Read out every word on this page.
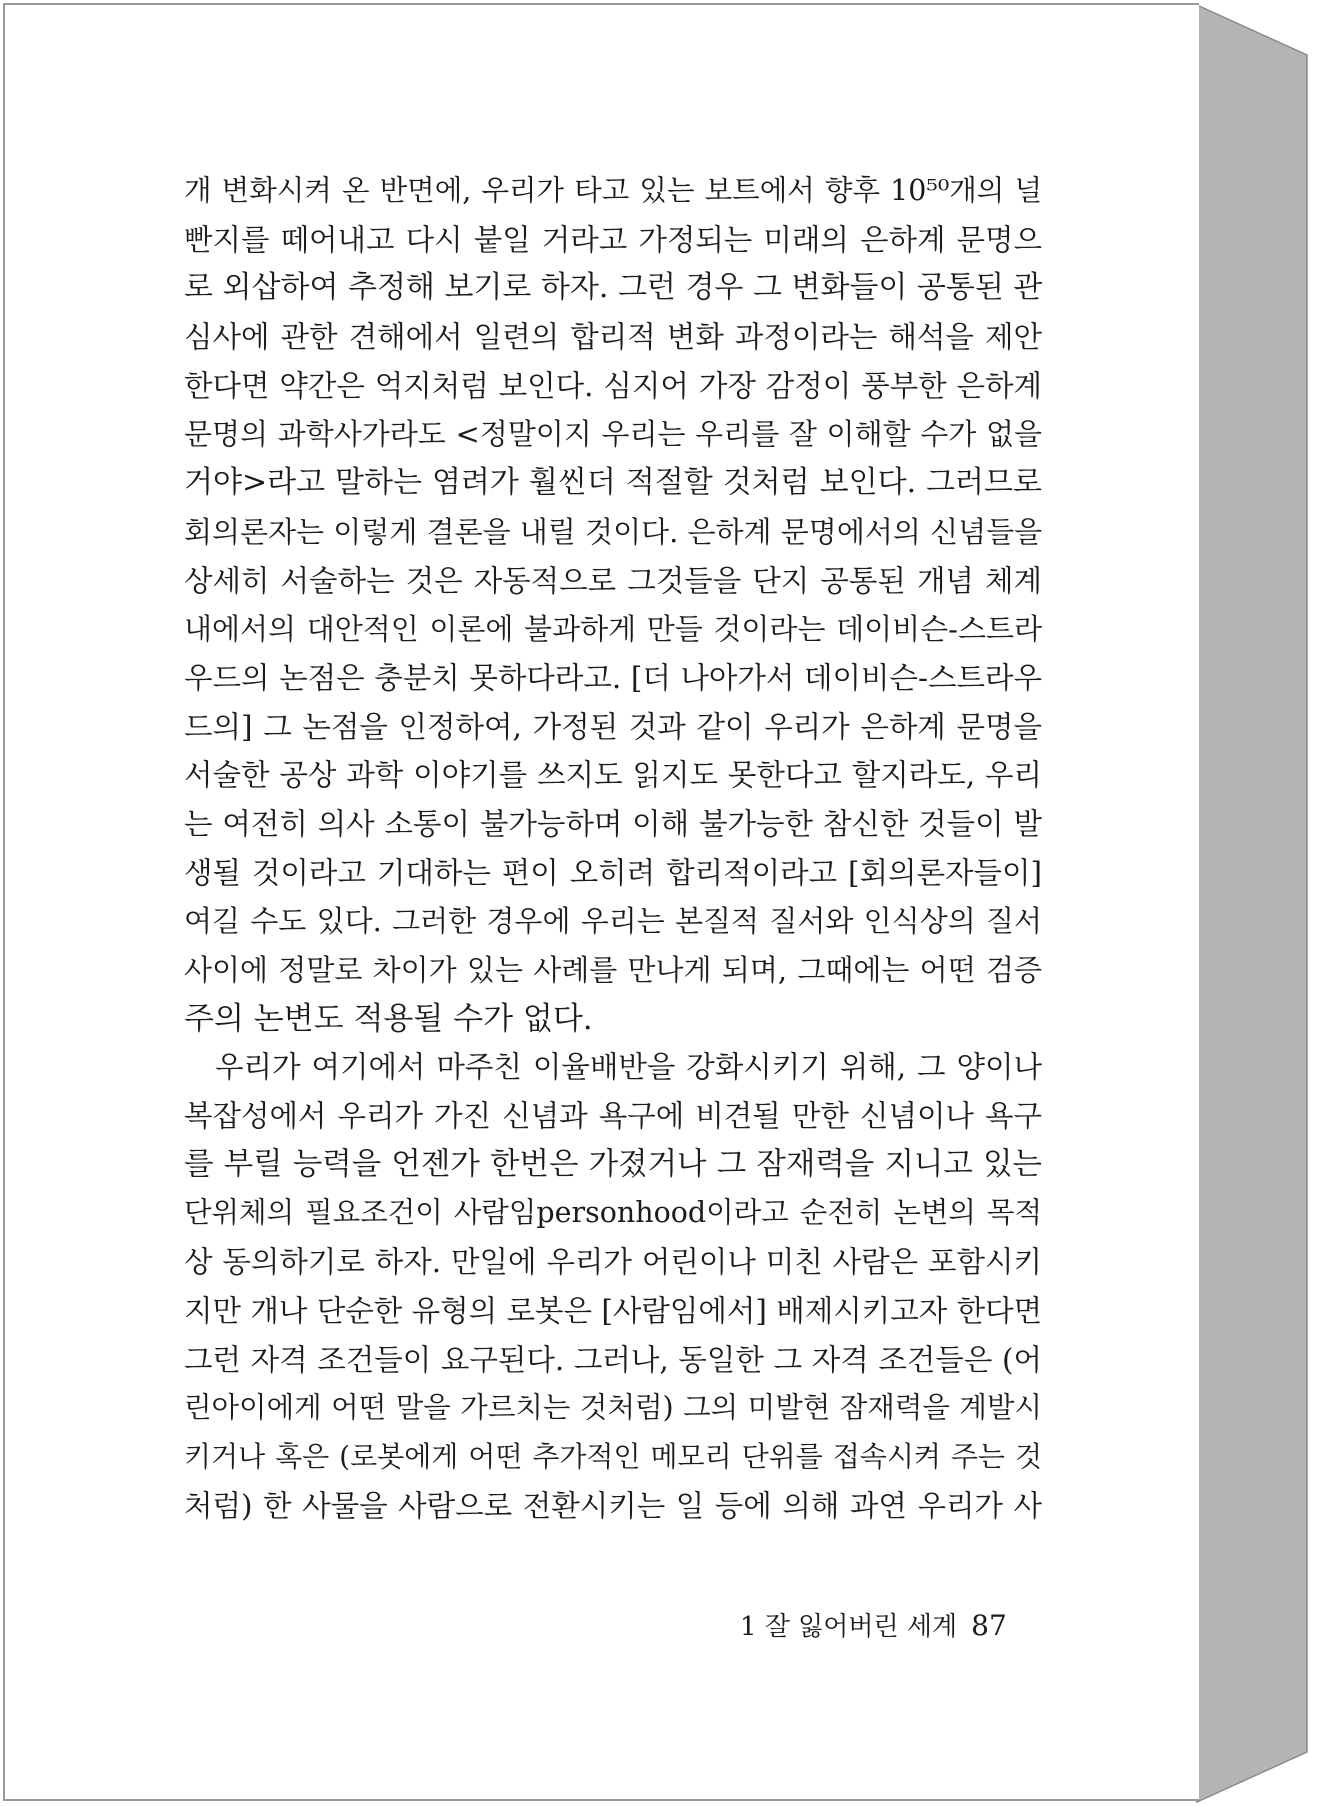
개 변화시켜 온 반면에, 우리가 타고 있는 보트에서 향후 10⁵⁰개의 널
빤지를 떼어내고 다시 붙일 거라고 가정되는 미래의 은하계 문명으
로 외삽하여 추정해 보기로 하자. 그런 경우 그 변화들이 공통된 관
심사에 관한 견해에서 일련의 합리적 변화 과정이라는 해석을 제안
한다면 약간은 억지처럼 보인다. 심지어 가장 감정이 풍부한 은하계
문명의 과학사가라도 <정말이지 우리는 우리를 잘 이해할 수가 없을
거야>라고 말하는 염려가 훨씬더 적절할 것처럼 보인다. 그러므로
회의론자는 이렇게 결론을 내릴 것이다. 은하계 문명에서의 신념들을
상세히 서술하는 것은 자동적으로 그것들을 단지 공통된 개념 체계
내에서의 대안적인 이론에 불과하게 만들 것이라는 데이비슨-스트라
우드의 논점은 충분치 못하다라고. [더 나아가서 데이비슨-스트라우
드의] 그 논점을 인정하여, 가정된 것과 같이 우리가 은하계 문명을
서술한 공상 과학 이야기를 쓰지도 읽지도 못한다고 할지라도, 우리
는 여전히 의사 소통이 불가능하며 이해 불가능한 참신한 것들이 발
생될 것이라고 기대하는 편이 오히려 합리적이라고 [회의론자들이]
여길 수도 있다. 그러한 경우에 우리는 본질적 질서와 인식상의 질서
사이에 정말로 차이가 있는 사례를 만나게 되며, 그때에는 어떤 검증
주의 논변도 적용될 수가 없다.
우리가 여기에서 마주친 이율배반을 강화시키기 위해, 그 양이나
복잡성에서 우리가 가진 신념과 욕구에 비견될 만한 신념이나 욕구
를 부릴 능력을 언젠가 한번은 가졌거나 그 잠재력을 지니고 있는
단위체의 필요조건이 사람임personhood이라고 순전히 논변의 목적
상 동의하기로 하자. 만일에 우리가 어린이나 미친 사람은 포함시키
지만 개나 단순한 유형의 로봇은 [사람임에서] 배제시키고자 한다면
그런 자격 조건들이 요구된다. 그러나, 동일한 그 자격 조건들은 (어
린아이에게 어떤 말을 가르치는 것처럼) 그의 미발현 잠재력을 계발시
키거나 혹은 (로봇에게 어떤 추가적인 메모리 단위를 접속시켜 주는 것
처럼) 한 사물을 사람으로 전환시키는 일 등에 의해 과연 우리가 사
1 잘 잃어버린 세계 87
